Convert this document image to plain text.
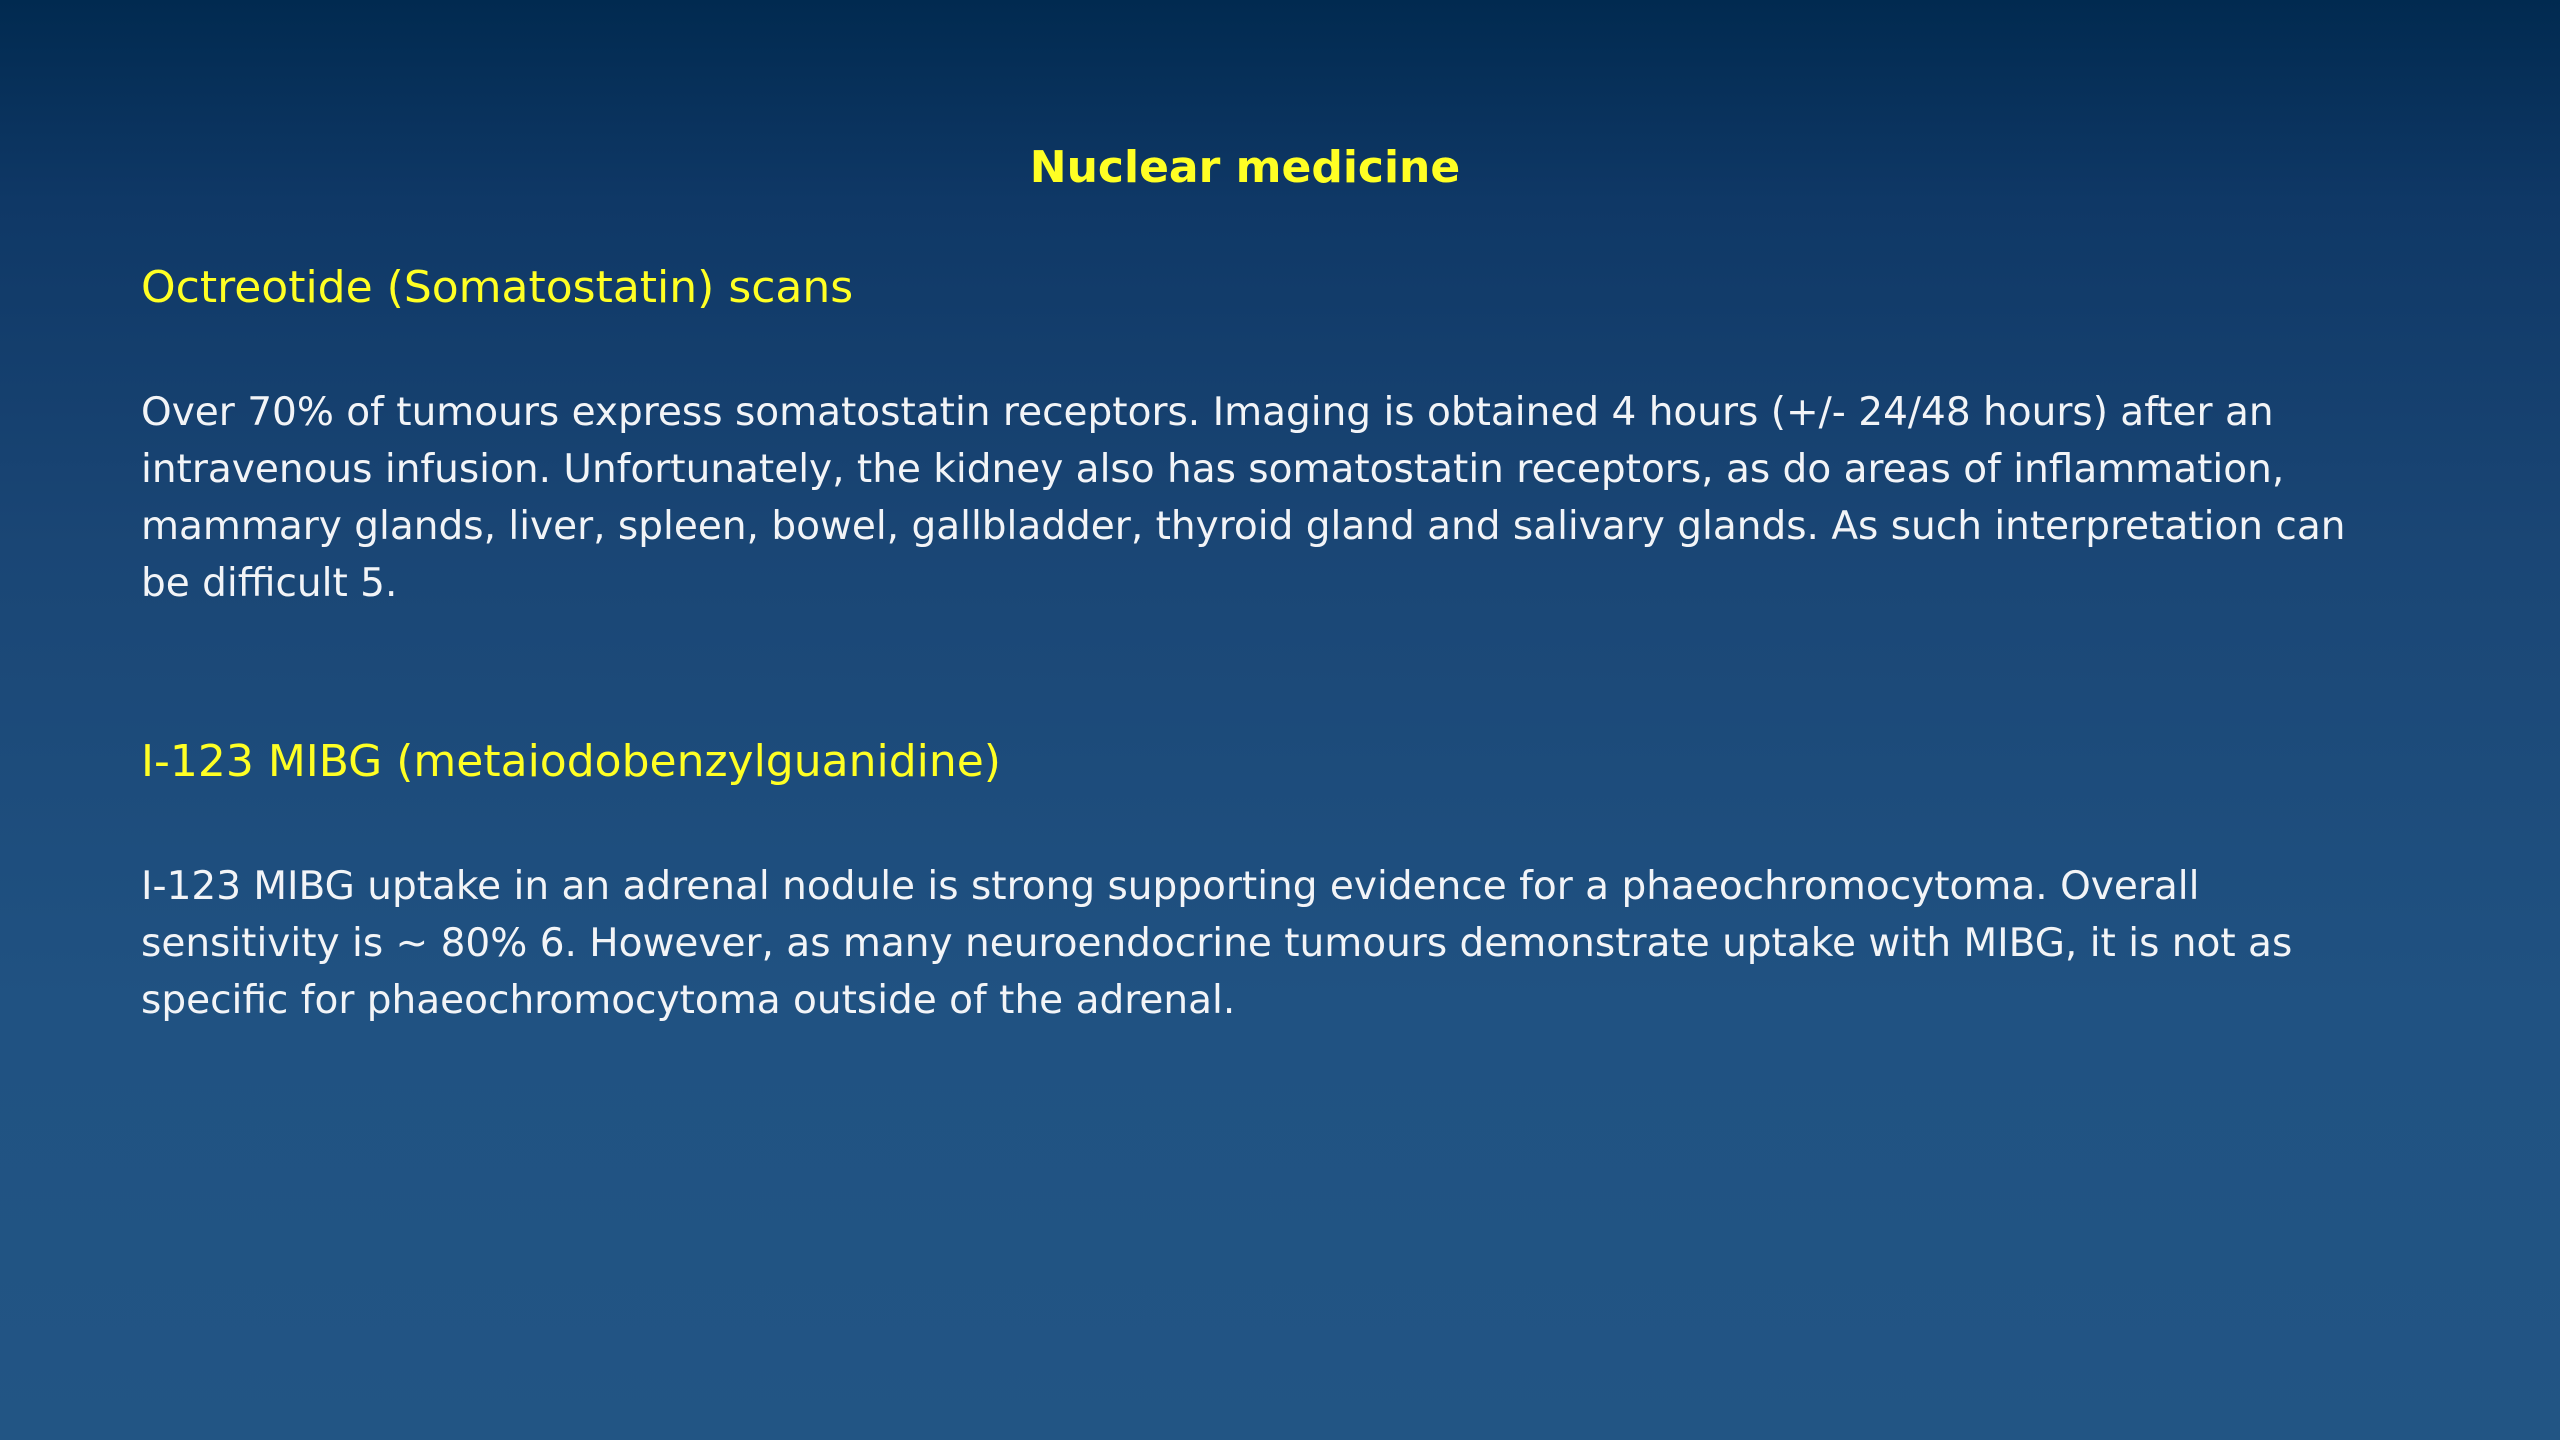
Nuclear medicine
Octreotide (Somatostatin) scans

Over 70% of tumours express somatostatin receptors. Imaging is obtained 4 hours (+/- 24/48 hours) after an intravenous infusion. Unfortunately, the kidney also has somatostatin receptors, as do areas of inflammation, mammary glands, liver, spleen, bowel, gallbladder, thyroid gland and salivary glands. As such interpretation can be difficult 5.

I-123 MIBG (metaiodobenzylguanidine)

I-123 MIBG uptake in an adrenal nodule is strong supporting evidence for a phaeochromocytoma. Overall sensitivity is ~ 80% 6. However, as many neuroendocrine tumours demonstrate uptake with MIBG, it is not as specific for phaeochromocytoma outside of the adrenal.
